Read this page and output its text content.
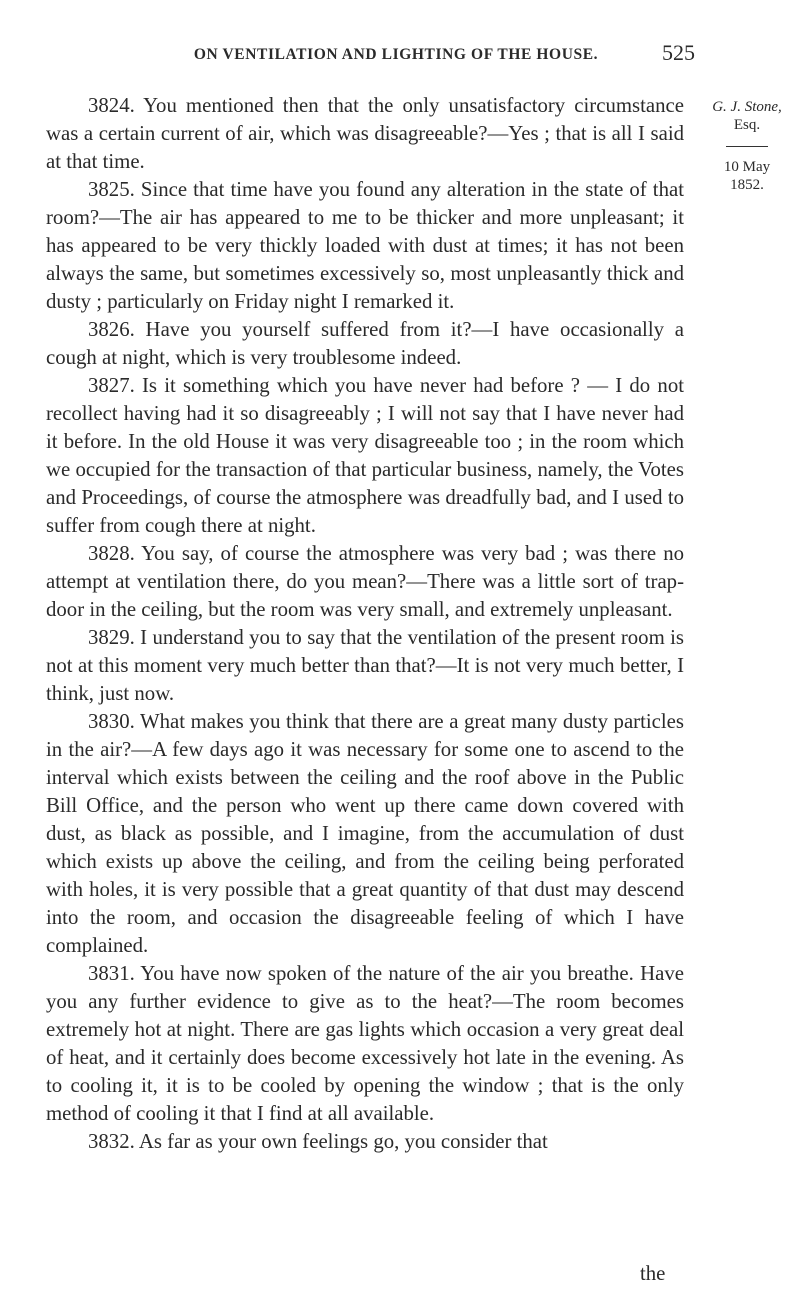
ON VENTILATION AND LIGHTING OF THE HOUSE.	525
G. J. Stone,
Esq.
10 May
1852.

3824. You mentioned then that the only unsatisfactory circumstance was a certain current of air, which was disagreeable?—Yes ; that is all I said at that time.

3825. Since that time have you found any alteration in the state of that room?—The air has appeared to me to be thicker and more unpleasant; it has appeared to be very thickly loaded with dust at times; it has not been always the same, but sometimes excessively so, most unpleasantly thick and dusty ; particularly on Friday night I remarked it.

3826. Have you yourself suffered from it?—I have occasionally a cough at night, which is very troublesome indeed.

3827. Is it something which you have never had before ? — I do not recollect having had it so disagreeably ; I will not say that I have never had it before. In the old House it was very disagreeable too ; in the room which we occupied for the transaction of that particular business, namely, the Votes and Proceedings, of course the atmosphere was dreadfully bad, and I used to suffer from cough there at night.

3828. You say, of course the atmosphere was very bad ; was there no attempt at ventilation there, do you mean?—There was a little sort of trap-door in the ceiling, but the room was very small, and extremely unpleasant.

3829. I understand you to say that the ventilation of the present room is not at this moment very much better than that?—It is not very much better, I think, just now.

3830. What makes you think that there are a great many dusty particles in the air?—A few days ago it was necessary for some one to ascend to the interval which exists between the ceiling and the roof above in the Public Bill Office, and the person who went up there came down covered with dust, as black as possible, and I imagine, from the accumulation of dust which exists up above the ceiling, and from the ceiling being perforated with holes, it is very possible that a great quantity of that dust may descend into the room, and occasion the disagreeable feeling of which I have complained.

3831. You have now spoken of the nature of the air you breathe. Have you any further evidence to give as to the heat?—The room becomes extremely hot at night. There are gas lights which occasion a very great deal of heat, and it certainly does become excessively hot late in the evening. As to cooling it, it is to be cooled by opening the window ; that is the only method of cooling it that I find at all available.

3832. As far as your own feelings go, you consider that

the
